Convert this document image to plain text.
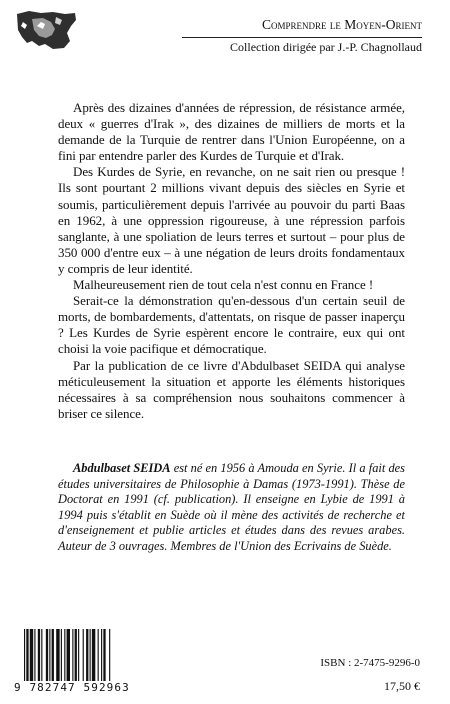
Comprendre le Moyen-Orient
Collection dirigée par J.-P. Chagnollaud

Après des dizaines d'années de répression, de résistance armée, deux « guerres d'Irak », des dizaines de milliers de morts et la demande de la Turquie de rentrer dans l'Union Européenne, on a fini par entendre parler des Kurdes de Turquie et d'Irak.

Des Kurdes de Syrie, en revanche, on ne sait rien ou presque ! Ils sont pourtant 2 millions vivant depuis des siècles en Syrie et soumis, particulièrement depuis l'arrivée au pouvoir du parti Baas en 1962, à une oppression rigoureuse, à une répression parfois sanglante, à une spoliation de leurs terres et surtout – pour plus de 350 000 d'entre eux – à une négation de leurs droits fondamentaux y compris de leur identité.

Malheureusement rien de tout cela n'est connu en France !

Serait-ce la démonstration qu'en-dessous d'un certain seuil de morts, de bombardements, d'attentats, on risque de passer inaperçu ? Les Kurdes de Syrie espèrent encore le contraire, eux qui ont choisi la voie pacifique et démocratique.

Par la publication de ce livre d'Abdulbaset SEIDA qui analyse méticuleusement la situation et apporte les éléments historiques nécessaires à sa compréhension nous souhaitons commencer à briser ce silence.

Abdulbaset SEIDA est né en 1956 à Amouda en Syrie. Il a fait des études universitaires de Philosophie à Damas (1973-1991). Thèse de Doctorat en 1991 (cf. publication). Il enseigne en Lybie de 1991 à 1994 puis s'établit en Suède où il mène des activités de recherche et d'enseignement et publie articles et études dans des revues arabes. Auteur de 3 ouvrages. Membres de l'Union des Ecrivains de Suède.

9 782747 592963
ISBN : 2-7475-9296-0
17,50 €
